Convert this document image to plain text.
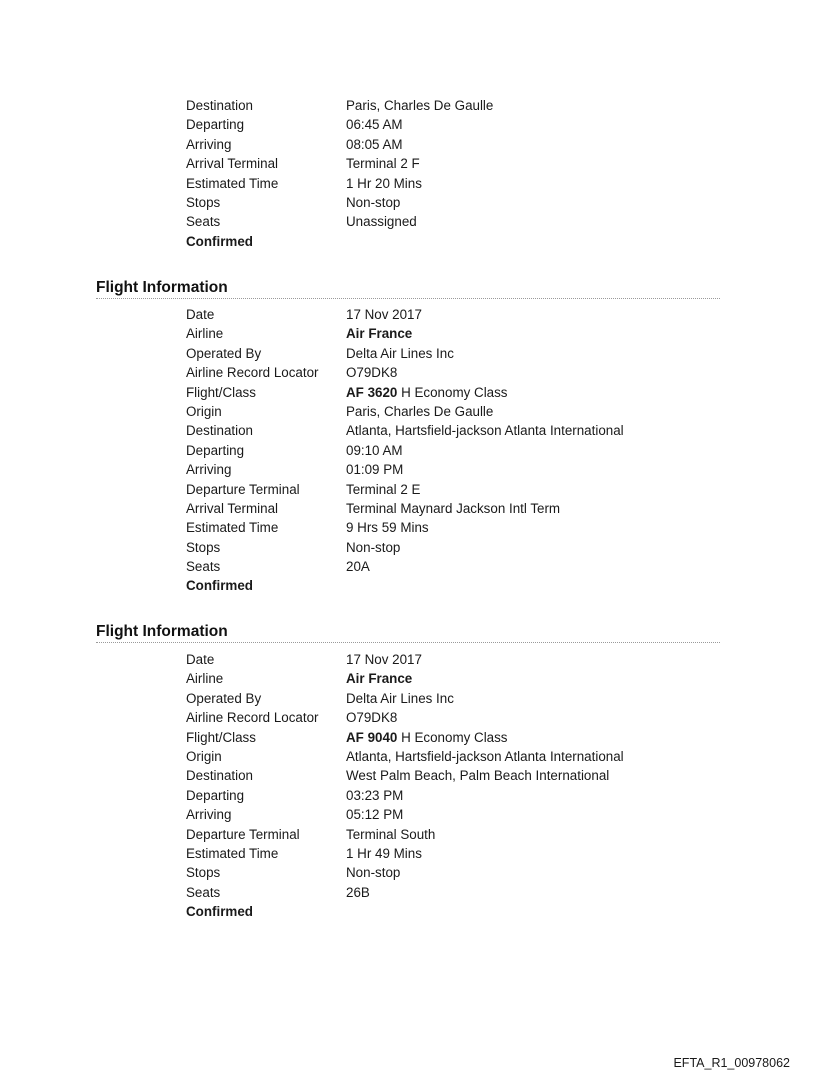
Destination	Paris, Charles De Gaulle
Departing	06:45 AM
Arriving	08:05 AM
Arrival Terminal	Terminal 2 F
Estimated Time	1 Hr 20 Mins
Stops	Non-stop
Seats	Unassigned
Confirmed
Flight Information
Date	17 Nov 2017
Airline	Air France
Operated By	Delta Air Lines Inc
Airline Record Locator O79DK8
Flight/Class	AF 3620 H Economy Class
Origin	Paris, Charles De Gaulle
Destination	Atlanta, Hartsfield-jackson Atlanta International
Departing	09:10 AM
Arriving	01:09 PM
Departure Terminal	Terminal 2 E
Arrival Terminal	Terminal Maynard Jackson Intl Term
Estimated Time	9 Hrs 59 Mins
Stops	Non-stop
Seats	20A
Confirmed
Flight Information
Date	17 Nov 2017
Airline	Air France
Operated By	Delta Air Lines Inc
Airline Record Locator O79DK8
Flight/Class	AF 9040 H Economy Class
Origin	Atlanta, Hartsfield-jackson Atlanta International
Destination	West Palm Beach, Palm Beach International
Departing	03:23 PM
Arriving	05:12 PM
Departure Terminal	Terminal South
Estimated Time	1 Hr 49 Mins
Stops	Non-stop
Seats	26B
Confirmed
EFTA_R1_00978062
